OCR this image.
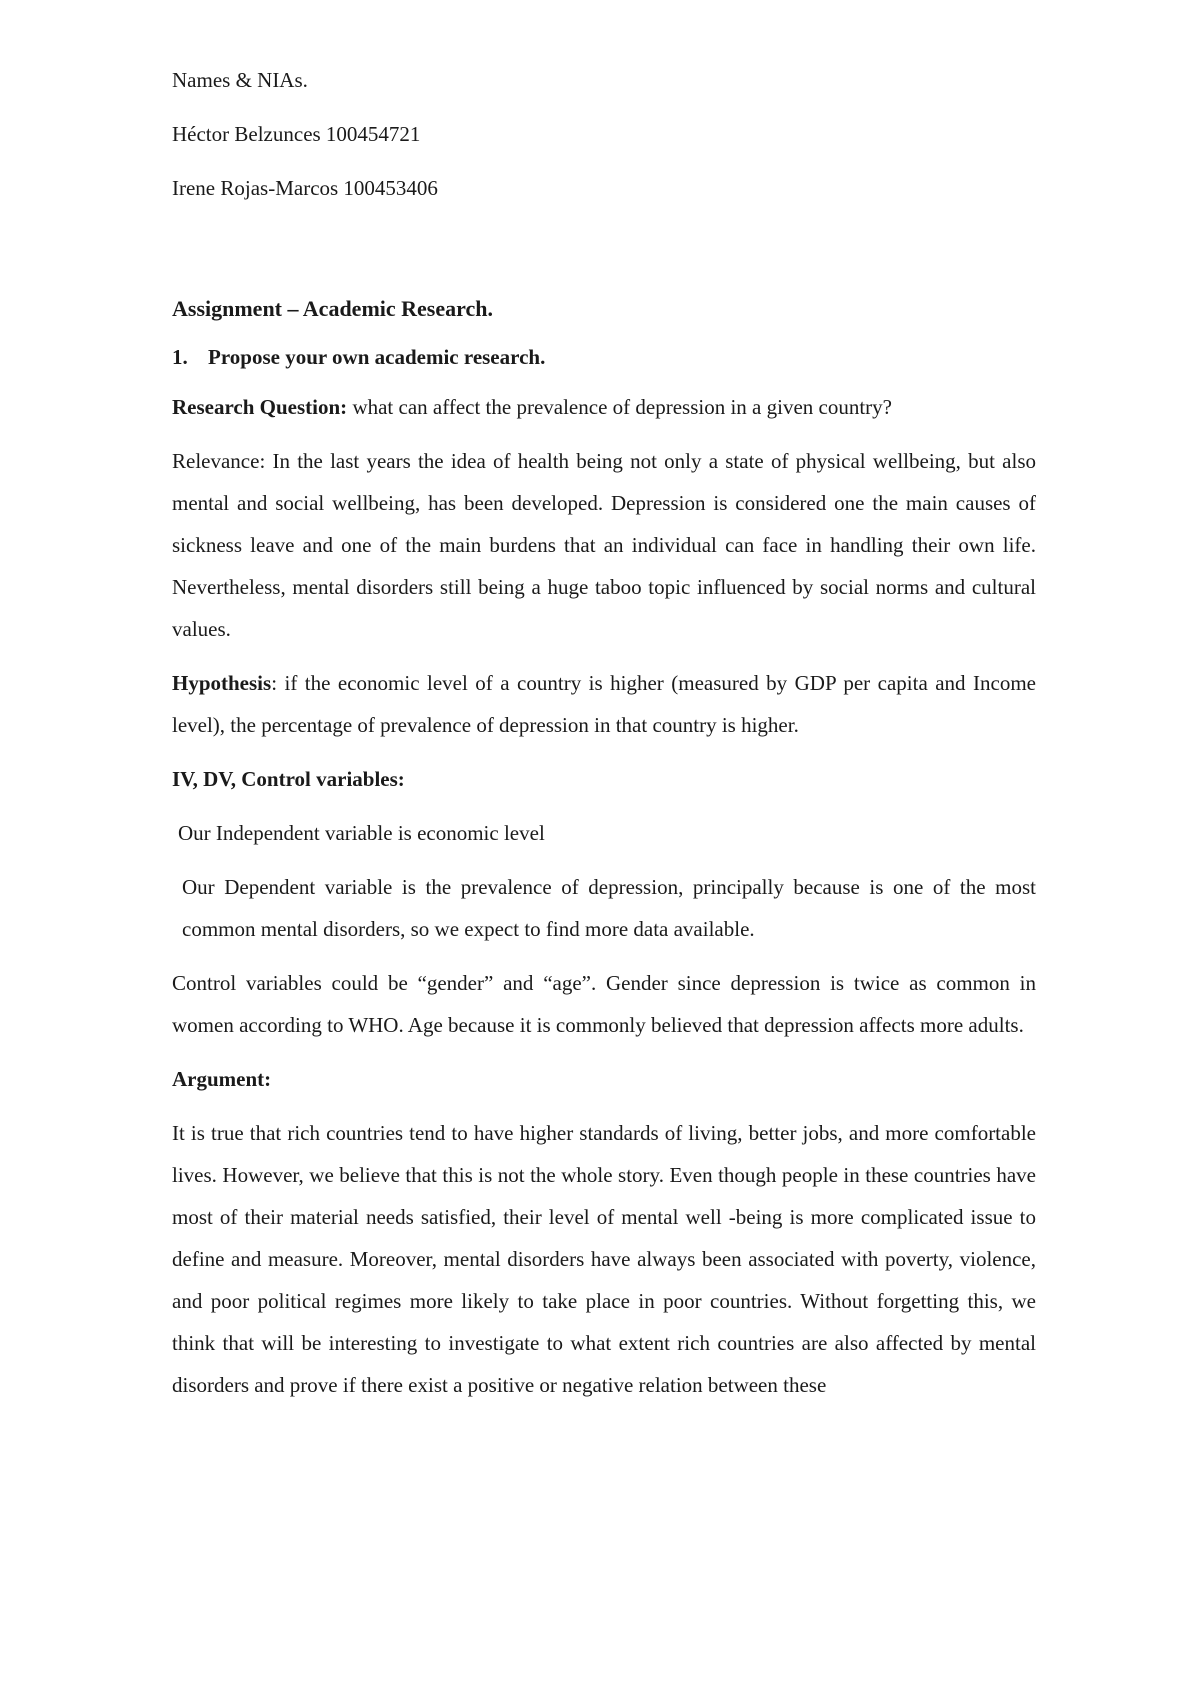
Names & NIAs.

Héctor Belzunces 100454721

Irene Rojas-Marcos 100453406

Assignment – Academic Research.

1. Propose your own academic research.

Research Question: what can affect the prevalence of depression in a given country?

Relevance: In the last years the idea of health being not only a state of physical wellbeing, but also mental and social wellbeing, has been developed. Depression is considered one the main causes of sickness leave and one of the main burdens that an individual can face in handling their own life. Nevertheless, mental disorders still being a huge taboo topic influenced by social norms and cultural values.

Hypothesis: if the economic level of a country is higher (measured by GDP per capita and Income level), the percentage of prevalence of depression in that country is higher.

IV, DV, Control variables:

Our Independent variable is economic level

Our Dependent variable is the prevalence of depression, principally because is one of the most common mental disorders, so we expect to find more data available.

Control variables could be “gender” and “age”. Gender since depression is twice as common in women according to WHO. Age because it is commonly believed that depression affects more adults.

Argument:

It is true that rich countries tend to have higher standards of living, better jobs, and more comfortable lives. However, we believe that this is not the whole story. Even though people in these countries have most of their material needs satisfied, their level of mental well -being is more complicated issue to define and measure. Moreover, mental disorders have always been associated with poverty, violence, and poor political regimes more likely to take place in poor countries. Without forgetting this, we think that will be interesting to investigate to what extent rich countries are also affected by mental disorders and prove if there exist a positive or negative relation between these
